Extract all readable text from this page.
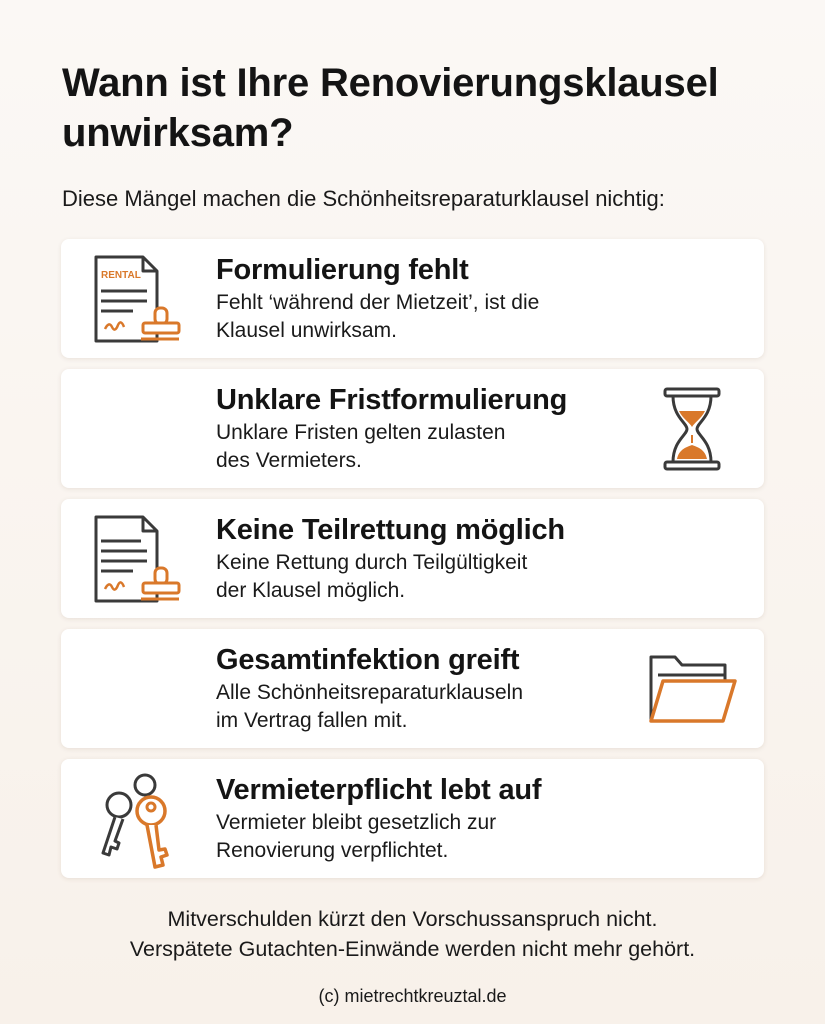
Wann ist Ihre Renovierungsklausel unwirksam?

Diese Mängel machen die Schönheitsreparaturklausel nichtig:

RENTAL	Formulierung fehlt

Fehlt ‘während der Mietzeit’, ist die

Klausel unwirksam.

Unklare Fristformulierung

Unklare Fristen gelten zulasten

des Vermieters.

Keine Teilrettung möglich

Keine Rettung durch Teilgültigkeit

der Klausel möglich.

Gesamtinfektion greift

Alle Schönheitsreparaturklauseln

im Vertrag fallen mit.

Vermieterpflicht lebt auf

Vermieter bleibt gesetzlich zur

Renovierung verpflichtet.

Mitverschulden kürzt den Vorschussanspruch nicht.

Verspätete Gutachten-Einwände werden nicht mehr gehört.

(c) mietrechtkreuztal.de
